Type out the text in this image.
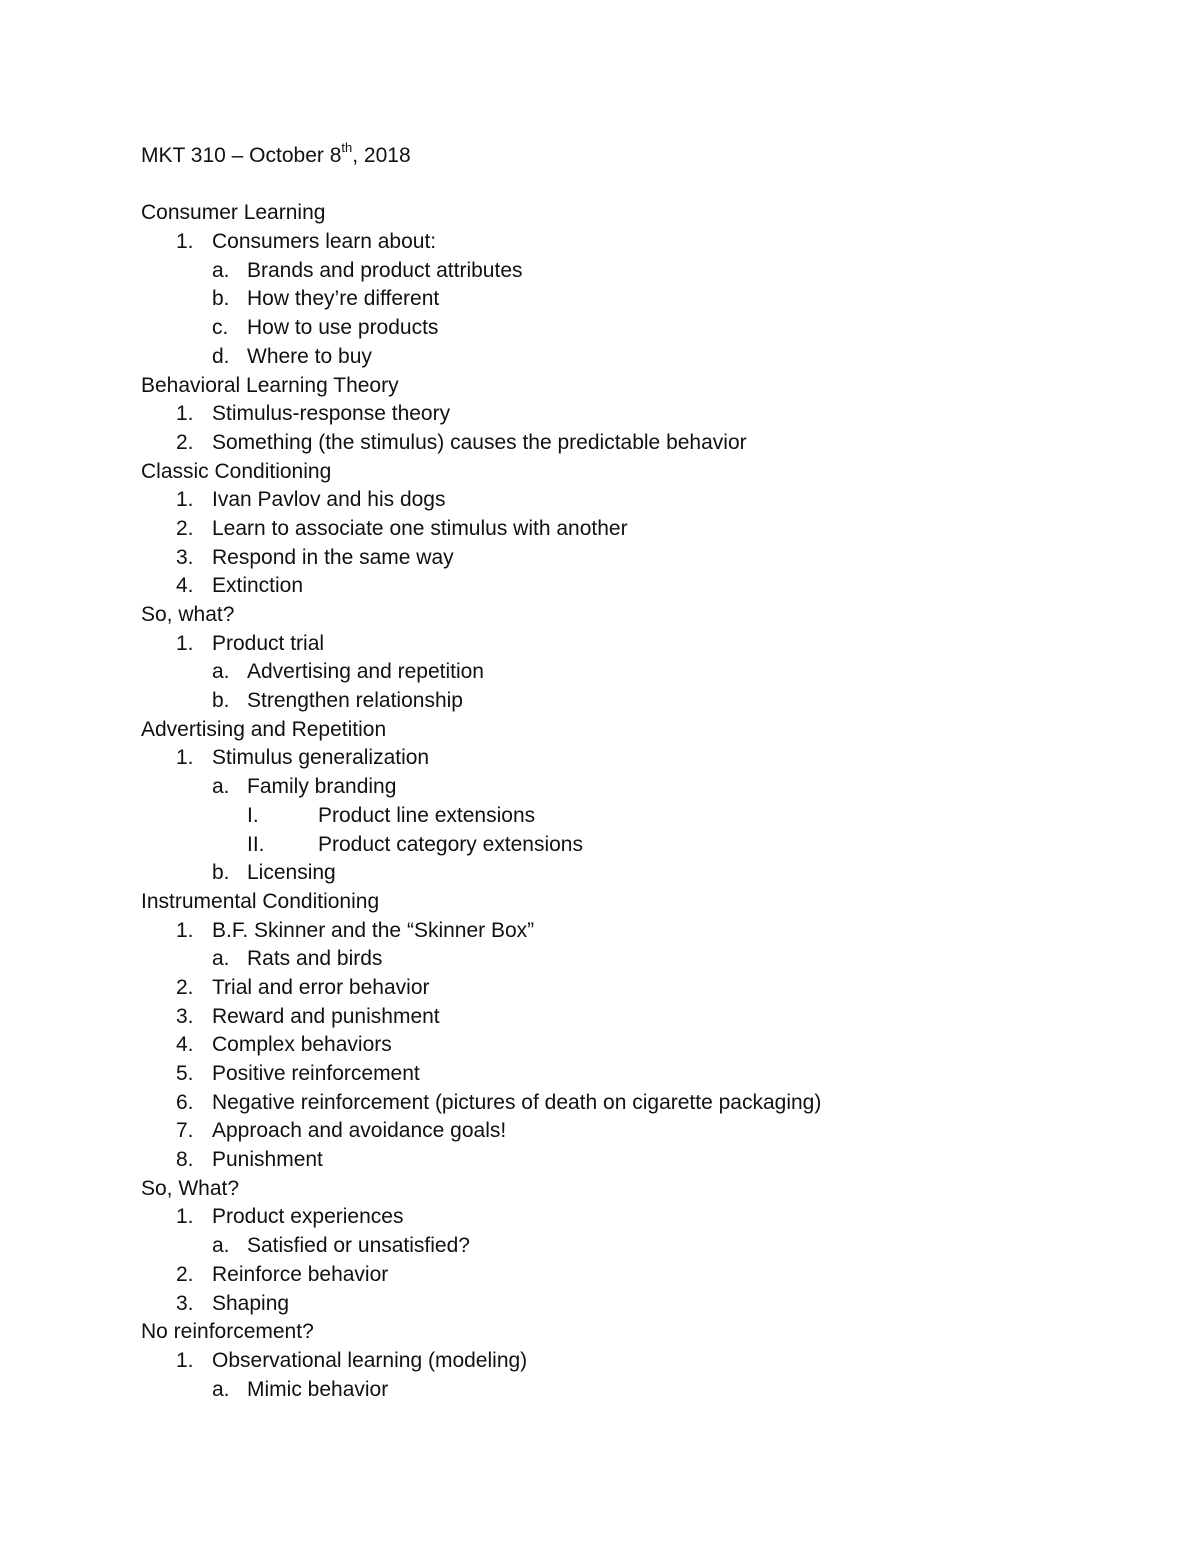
MKT 310 – October 8th, 2018
Consumer Learning
1. Consumers learn about:
a. Brands and product attributes
b. How they’re different
c. How to use products
d. Where to buy
Behavioral Learning Theory
1. Stimulus-response theory
2. Something (the stimulus) causes the predictable behavior
Classic Conditioning
1. Ivan Pavlov and his dogs
2. Learn to associate one stimulus with another
3. Respond in the same way
4. Extinction
So, what?
1. Product trial
a. Advertising and repetition
b. Strengthen relationship
Advertising and Repetition
1. Stimulus generalization
a. Family branding
I.	Product line extensions
II.	Product category extensions
b. Licensing
Instrumental Conditioning
1. B.F. Skinner and the “Skinner Box”
a. Rats and birds
2. Trial and error behavior
3. Reward and punishment
4. Complex behaviors
5. Positive reinforcement
6. Negative reinforcement (pictures of death on cigarette packaging)
7. Approach and avoidance goals!
8. Punishment
So, What?
1. Product experiences
a. Satisfied or unsatisfied?
2. Reinforce behavior
3. Shaping
No reinforcement?
1. Observational learning (modeling)
a. Mimic behavior
